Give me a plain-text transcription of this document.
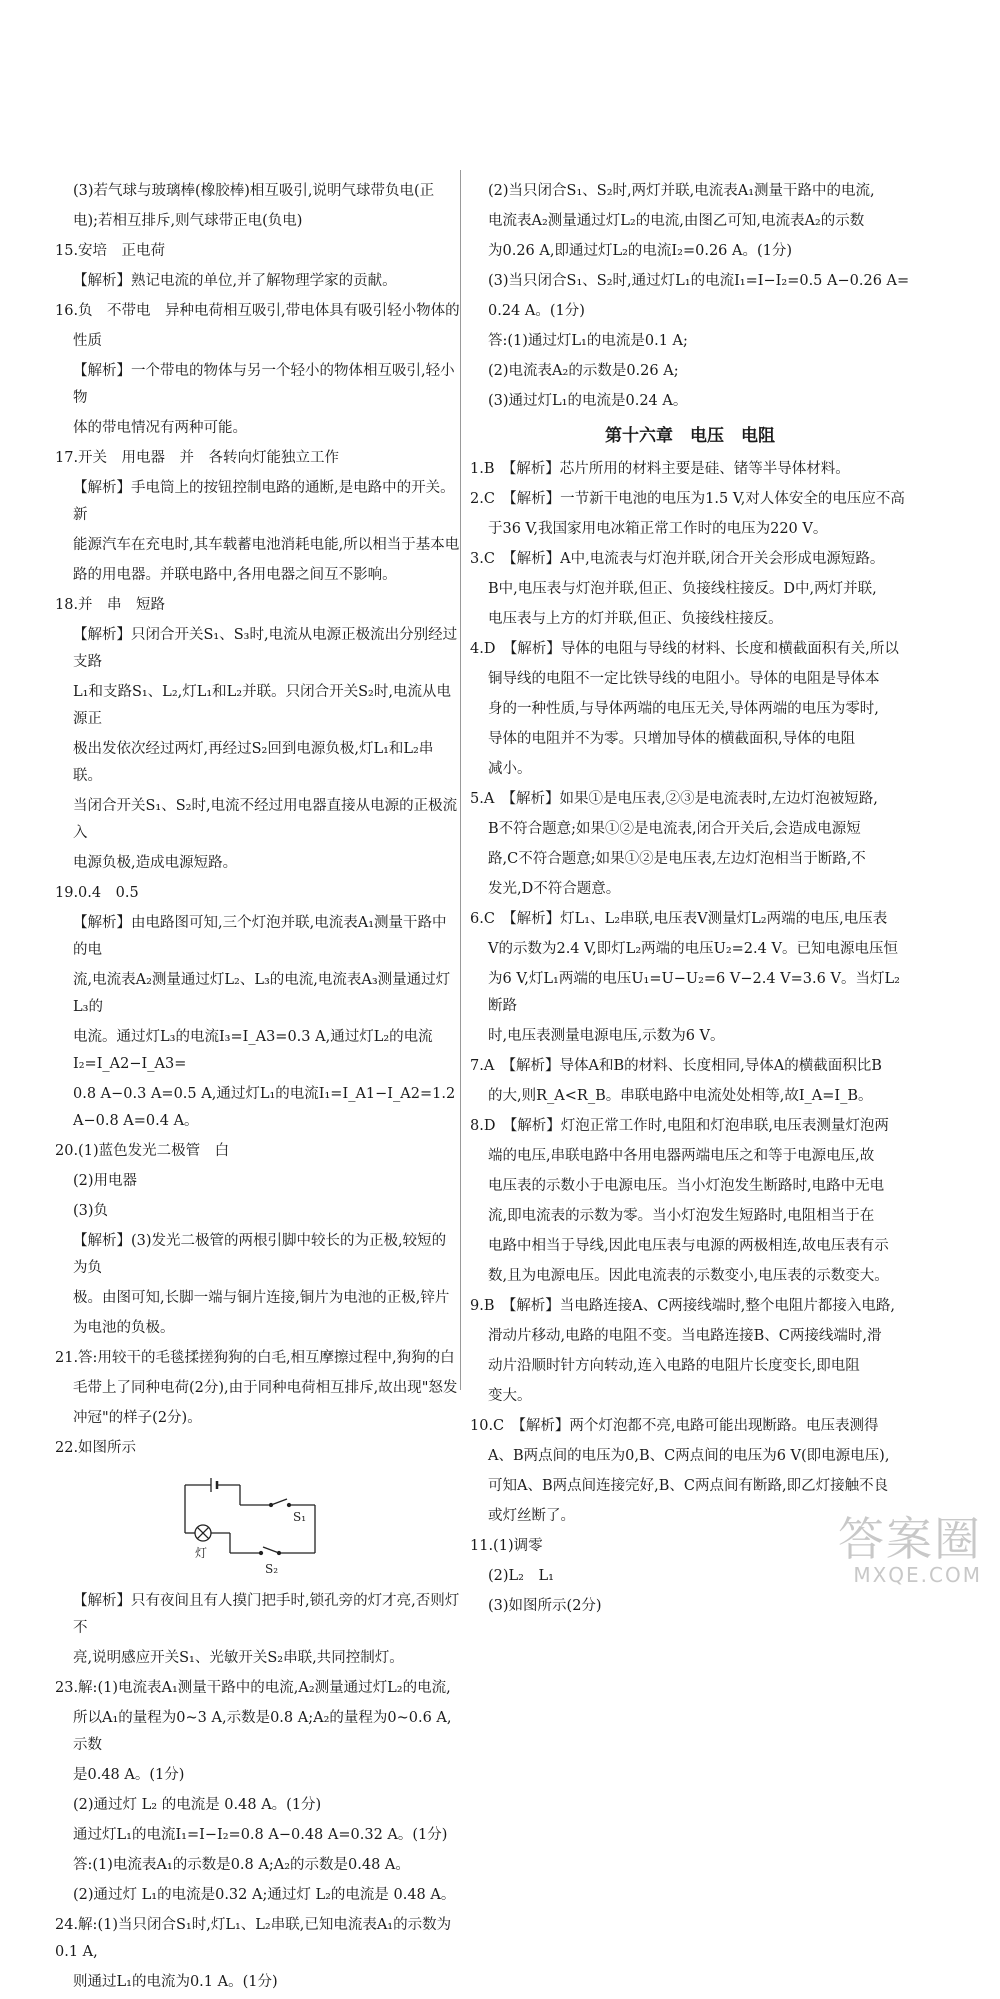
(3)若气球与玻璃棒(橡胶棒)相互吸引,说明气球带负电(正
电);若相互排斥,则气球带正电(负电)
15.安培　正电荷
【解析】熟记电流的单位,并了解物理学家的贡献。
16.负　不带电　异种电荷相互吸引,带电体具有吸引轻小物体的
性质
【解析】一个带电的物体与另一个轻小的物体相互吸引,轻小物
体的带电情况有两种可能。
17.开关　用电器　并　各转向灯能独立工作
【解析】手电筒上的按钮控制电路的通断,是电路中的开关。新
能源汽车在充电时,其车载蓄电池消耗电能,所以相当于基本电
路的用电器。并联电路中,各用电器之间互不影响。
18.并　串　短路
【解析】只闭合开关S₁、S₃时,电流从电源正极流出分别经过支路
L₁和支路S₁、L₂,灯L₁和L₂并联。只闭合开关S₂时,电流从电源正
极出发依次经过两灯,再经过S₂回到电源负极,灯L₁和L₂串联。
当闭合开关S₁、S₂时,电流不经过用电器直接从电源的正极流入
电源负极,造成电源短路。
19.0.4　0.5
【解析】由电路图可知,三个灯泡并联,电流表A₁测量干路中的电
流,电流表A₂测量通过灯L₂、L₃的电流,电流表A₃测量通过灯L₃的
电流。通过灯L₃的电流I₃=I_A3=0.3 A,通过灯L₂的电流I₂=I_A2−I_A3=
0.8 A−0.3 A=0.5 A,通过灯L₁的电流I₁=I_A1−I_A2=1.2 A−0.8 A=0.4 A。
20.(1)蓝色发光二极管　白
(2)用电器
(3)负
【解析】(3)发光二极管的两根引脚中较长的为正极,较短的为负
极。由图可知,长脚一端与铜片连接,铜片为电池的正极,锌片
为电池的负极。
21.答:用较干的毛毯揉搓狗狗的白毛,相互摩擦过程中,狗狗的白
毛带上了同种电荷(2分),由于同种电荷相互排斥,故出现"怒发
冲冠"的样子(2分)。
22.如图所示
灯
S₁
S₂
【解析】只有夜间且有人摸门把手时,锁孔旁的灯才亮,否则灯不
亮,说明感应开关S₁、光敏开关S₂串联,共同控制灯。
23.解:(1)电流表A₁测量干路中的电流,A₂测量通过灯L₂的电流,
所以A₁的量程为0~3 A,示数是0.8 A;A₂的量程为0~0.6 A,示数
是0.48 A。(1分)
(2)通过灯 L₂ 的电流是 0.48 A。(1分)
通过灯L₁的电流I₁=I−I₂=0.8 A−0.48 A=0.32 A。(1分)
答:(1)电流表A₁的示数是0.8 A;A₂的示数是0.48 A。
(2)通过灯 L₁的电流是0.32 A;通过灯 L₂的电流是 0.48 A。
24.解:(1)当只闭合S₁时,灯L₁、L₂串联,已知电流表A₁的示数为0.1 A,
则通过L₁的电流为0.1 A。(1分)
(2)当只闭合S₁、S₂时,两灯并联,电流表A₁测量干路中的电流,
电流表A₂测量通过灯L₂的电流,由图乙可知,电流表A₂的示数
为0.26 A,即通过灯L₂的电流I₂=0.26 A。(1分)
(3)当只闭合S₁、S₂时,通过灯L₁的电流I₁=I−I₂=0.5 A−0.26 A=
0.24 A。(1分)
答:(1)通过灯L₁的电流是0.1 A;
(2)电流表A₂的示数是0.26 A;
(3)通过灯L₁的电流是0.24 A。
第十六章　电压　电阻
1.B　【解析】芯片所用的材料主要是硅、锗等半导体材料。
2.C　【解析】一节新干电池的电压为1.5 V,对人体安全的电压应不高
于36 V,我国家用电冰箱正常工作时的电压为220 V。
3.C　【解析】A中,电流表与灯泡并联,闭合开关会形成电源短路。
B中,电压表与灯泡并联,但正、负接线柱接反。D中,两灯并联,
电压表与上方的灯并联,但正、负接线柱接反。
4.D　【解析】导体的电阻与导线的材料、长度和横截面积有关,所以
铜导线的电阻不一定比铁导线的电阻小。导体的电阻是导体本
身的一种性质,与导体两端的电压无关,导体两端的电压为零时,
导体的电阻并不为零。只增加导体的横截面积,导体的电阻
减小。
5.A　【解析】如果①是电压表,②③是电流表时,左边灯泡被短路,
B不符合题意;如果①②是电流表,闭合开关后,会造成电源短
路,C不符合题意;如果①②是电压表,左边灯泡相当于断路,不
发光,D不符合题意。
6.C　【解析】灯L₁、L₂串联,电压表V测量灯L₂两端的电压,电压表
V的示数为2.4 V,即灯L₂两端的电压U₂=2.4 V。已知电源电压恒
为6 V,灯L₁两端的电压U₁=U−U₂=6 V−2.4 V=3.6 V。当灯L₂断路
时,电压表测量电源电压,示数为6 V。
7.A　【解析】导体A和B的材料、长度相同,导体A的横截面积比B
的大,则R_A<R_B。串联电路中电流处处相等,故I_A=I_B。
8.D　【解析】灯泡正常工作时,电阻和灯泡串联,电压表测量灯泡两
端的电压,串联电路中各用电器两端电压之和等于电源电压,故
电压表的示数小于电源电压。当小灯泡发生断路时,电路中无电
流,即电流表的示数为零。当小灯泡发生短路时,电阻相当于在
电路中相当于导线,因此电压表与电源的两极相连,故电压表有示
数,且为电源电压。因此电流表的示数变小,电压表的示数变大。
9.B　【解析】当电路连接A、C两接线端时,整个电阻片都接入电路,
滑动片移动,电路的电阻不变。当电路连接B、C两接线端时,滑
动片沿顺时针方向转动,连入电路的电阻片长度变长,即电阻
变大。
10.C　【解析】两个灯泡都不亮,电路可能出现断路。电压表测得
A、B两点间的电压为0,B、C两点间的电压为6 V(即电源电压),
可知A、B两点间连接完好,B、C两点间有断路,即乙灯接触不良
或灯丝断了。
11.(1)调零
(2)L₂　L₁
(3)如图所示(2分)
答案圈
MXQE.COM
